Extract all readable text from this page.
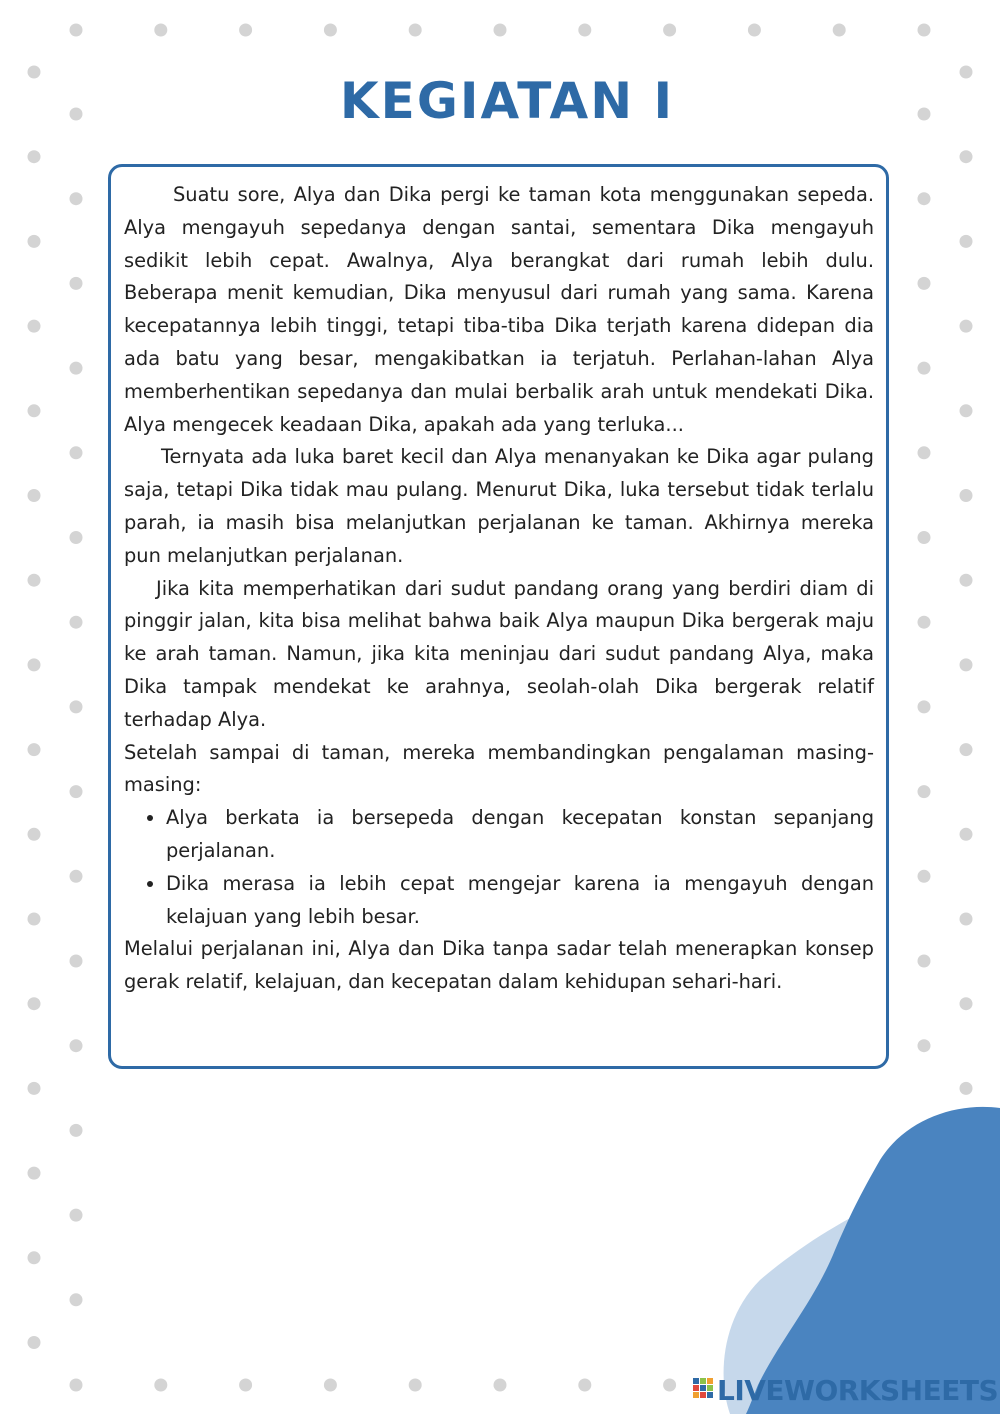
KEGIATAN I

Suatu sore, Alya dan Dika pergi ke taman kota menggunakan sepeda. Alya mengayuh sepedanya dengan santai, sementara Dika mengayuh sedikit lebih cepat. Awalnya, Alya berangkat dari rumah lebih dulu. Beberapa menit kemudian, Dika menyusul dari rumah yang sama. Karena kecepatannya lebih tinggi, tetapi tiba-tiba Dika terjath karena didepan dia ada batu yang besar, mengakibatkan ia terjatuh. Perlahan-lahan Alya memberhentikan sepedanya dan mulai berbalik arah untuk mendekati Dika. Alya mengecek keadaan Dika, apakah ada yang terluka...

Ternyata ada luka baret kecil dan Alya menanyakan ke Dika agar pulang saja, tetapi Dika tidak mau pulang. Menurut Dika, luka tersebut tidak terlalu parah, ia masih bisa melanjutkan perjalanan ke taman. Akhirnya mereka pun melanjutkan perjalanan.

Jika kita memperhatikan dari sudut pandang orang yang berdiri diam di pinggir jalan, kita bisa melihat bahwa baik Alya maupun Dika bergerak maju ke arah taman. Namun, jika kita meninjau dari sudut pandang Alya, maka Dika tampak mendekat ke arahnya, seolah-olah Dika bergerak relatif terhadap Alya.

Setelah sampai di taman, mereka membandingkan pengalaman masing-masing:

• Alya berkata ia bersepeda dengan kecepatan konstan sepanjang perjalanan.
• Dika merasa ia lebih cepat mengejar karena ia mengayuh dengan kelajuan yang lebih besar.

Melalui perjalanan ini, Alya dan Dika tanpa sadar telah menerapkan konsep gerak relatif, kelajuan, dan kecepatan dalam kehidupan sehari-hari.

LIVEWORKSHEETS
